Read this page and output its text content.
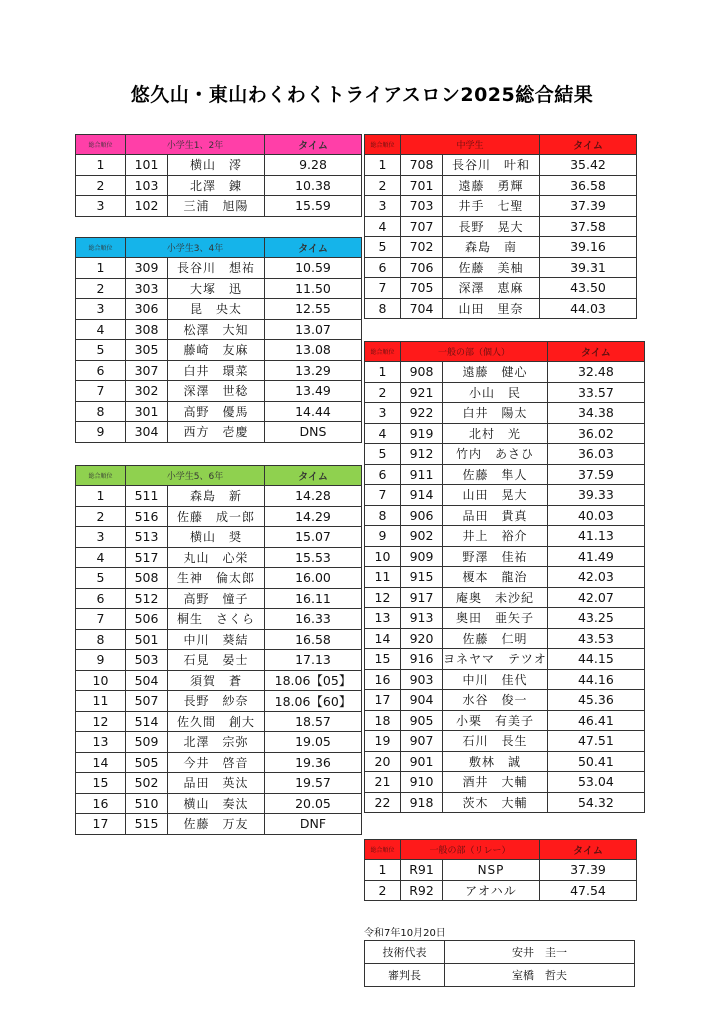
悠久山・東山わくわくトライアスロン2025総合結果
総合順位	小学生1、2年		タイム
1	101	横山　澪	9.28
2	103	北澤　錬	10.38
3	102	三浦　旭陽	15.59
総合順位	小学生3、4年		タイム
1	309	長谷川　想祐	10.59
2	303	大塚　迅	11.50
3	306	昆　央太	12.55
4	308	松澤　大知	13.07
5	305	藤崎　友麻	13.08
6	307	白井　環菜	13.29
7	302	深澤　世稔	13.49
8	301	高野　優馬	14.44
9	304	西方　壱慶	DNS
総合順位	小学生5、6年		タイム
1	511	森島　新	14.28
2	516	佐藤　成一郎	14.29
3	513	横山　奨	15.07
4	517	丸山　心栄	15.53
5	508	生神　倫太郎	16.00
6	512	高野　憧子	16.11
7	506	桐生　さくら	16.33
8	501	中川　葵結	16.58
9	503	石見　晏士	17.13
10	504	須賀　蒼	18.06【05】
11	507	長野　紗奈	18.06【60】
12	514	佐久間　創大	18.57
13	509	北澤　宗弥	19.05
14	505	今井　啓音	19.36
15	502	品田　英汰	19.57
16	510	横山　奏汰	20.05
17	515	佐藤　万友	DNF
総合順位	中学生		タイム
1	708	長谷川　叶和	35.42
2	701	遠藤　勇輝	36.58
3	703	井手　七聖	37.39
4	707	長野　晃大	37.58
5	702	森島　南	39.16
6	706	佐藤　美柚	39.31
7	705	深澤　恵麻	43.50
8	704	山田　里奈	44.03
総合順位	一般の部（個人）		タイム
1	908	遠藤　健心	32.48
2	921	小山　民	33.57
3	922	白井　陽太	34.38
4	919	北村　光	36.02
5	912	竹内　あさひ	36.03
6	911	佐藤　隼人	37.59
7	914	山田　晃大	39.33
8	906	品田　貴真	40.03
9	902	井上　裕介	41.13
10	909	野澤　佳祐	41.49
11	915	榎本　龍治	42.03
12	917	庵奥　未沙紀	42.07
13	913	奥田　亜矢子	43.25
14	920	佐藤　仁明	43.53
15	916	ヨネヤマ　テツオ	44.15
16	903	中川　佳代	44.16
17	904	水谷　俊一	45.36
18	905	小栗　有美子	46.41
19	907	石川　長生	47.51
20	901	敷林　誠	50.41
21	910	酒井　大輔	53.04
22	918	茨木　大輔	54.32
総合順位	一般の部（リレー）		タイム
1	R91	NSP	37.39
2	R92	アオハル	47.54
令和7年10月20日
技術代表	安井　圭一
審判長	室橋　哲夫
